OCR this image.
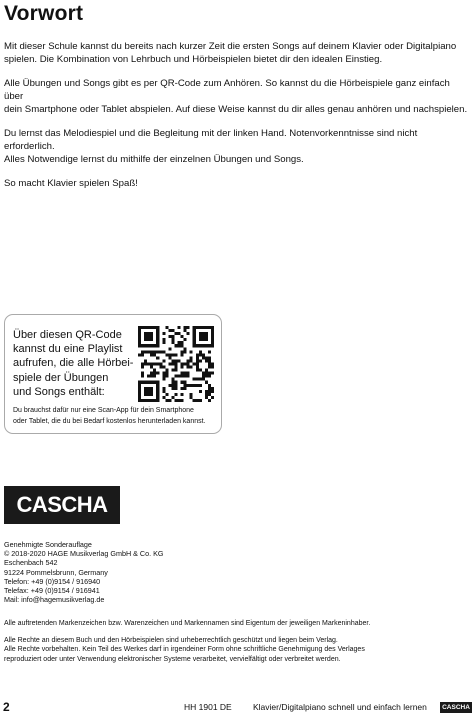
Vorwort

Mit dieser Schule kannst du bereits nach kurzer Zeit die ersten Songs auf deinem Klavier oder Digitalpiano
spielen. Die Kombination von Lehrbuch und Hörbeispielen bietet dir den idealen Einstieg.

Alle Übungen und Songs gibt es per QR-Code zum Anhören. So kannst du die Hörbeispiele ganz einfach über
dein Smartphone oder Tablet abspielen. Auf diese Weise kannst du dir alles genau anhören und nachspielen.

Du lernst das Melodiespiel und die Begleitung mit der linken Hand. Notenvorkenntnisse sind nicht erforderlich.
Alles Notwendige lernst du mithilfe der einzelnen Übungen und Songs.

So macht Klavier spielen Spaß!

Über diesen QR-Code
kannst du eine Playlist
aufrufen, die alle Hörbei-
spiele der Übungen
und Songs enthält:
Du brauchst dafür nur eine Scan-App für dein Smartphone
oder Tablet, die du bei Bedarf kostenlos herunterladen kannst.
CASCHA
Genehmigte Sonderauflage
© 2018-2020 HAGE Musikverlag GmbH & Co. KG
Eschenbach 542
91224 Pommelsbrunn, Germany
Telefon: +49 (0)9154 / 916940
Telefax: +49 (0)9154 / 916941
Mail: info@hagemusikverlag.de

Alle auftretenden Markenzeichen bzw. Warenzeichen und Markennamen sind Eigentum der jeweiligen Markeninhaber.

Alle Rechte an diesem Buch und den Hörbeispielen sind urheberrechtlich geschützt und liegen beim Verlag.
Alle Rechte vorbehalten. Kein Teil des Werkes darf in irgendeiner Form ohne schriftliche Genehmigung des Verlages
reproduziert oder unter Verwendung elektronischer Systeme verarbeitet, vervielfältigt oder verbreitet werden.

2	HH 1901 DE	Klavier/Digitalpiano schnell und einfach lernen	CASCHA
